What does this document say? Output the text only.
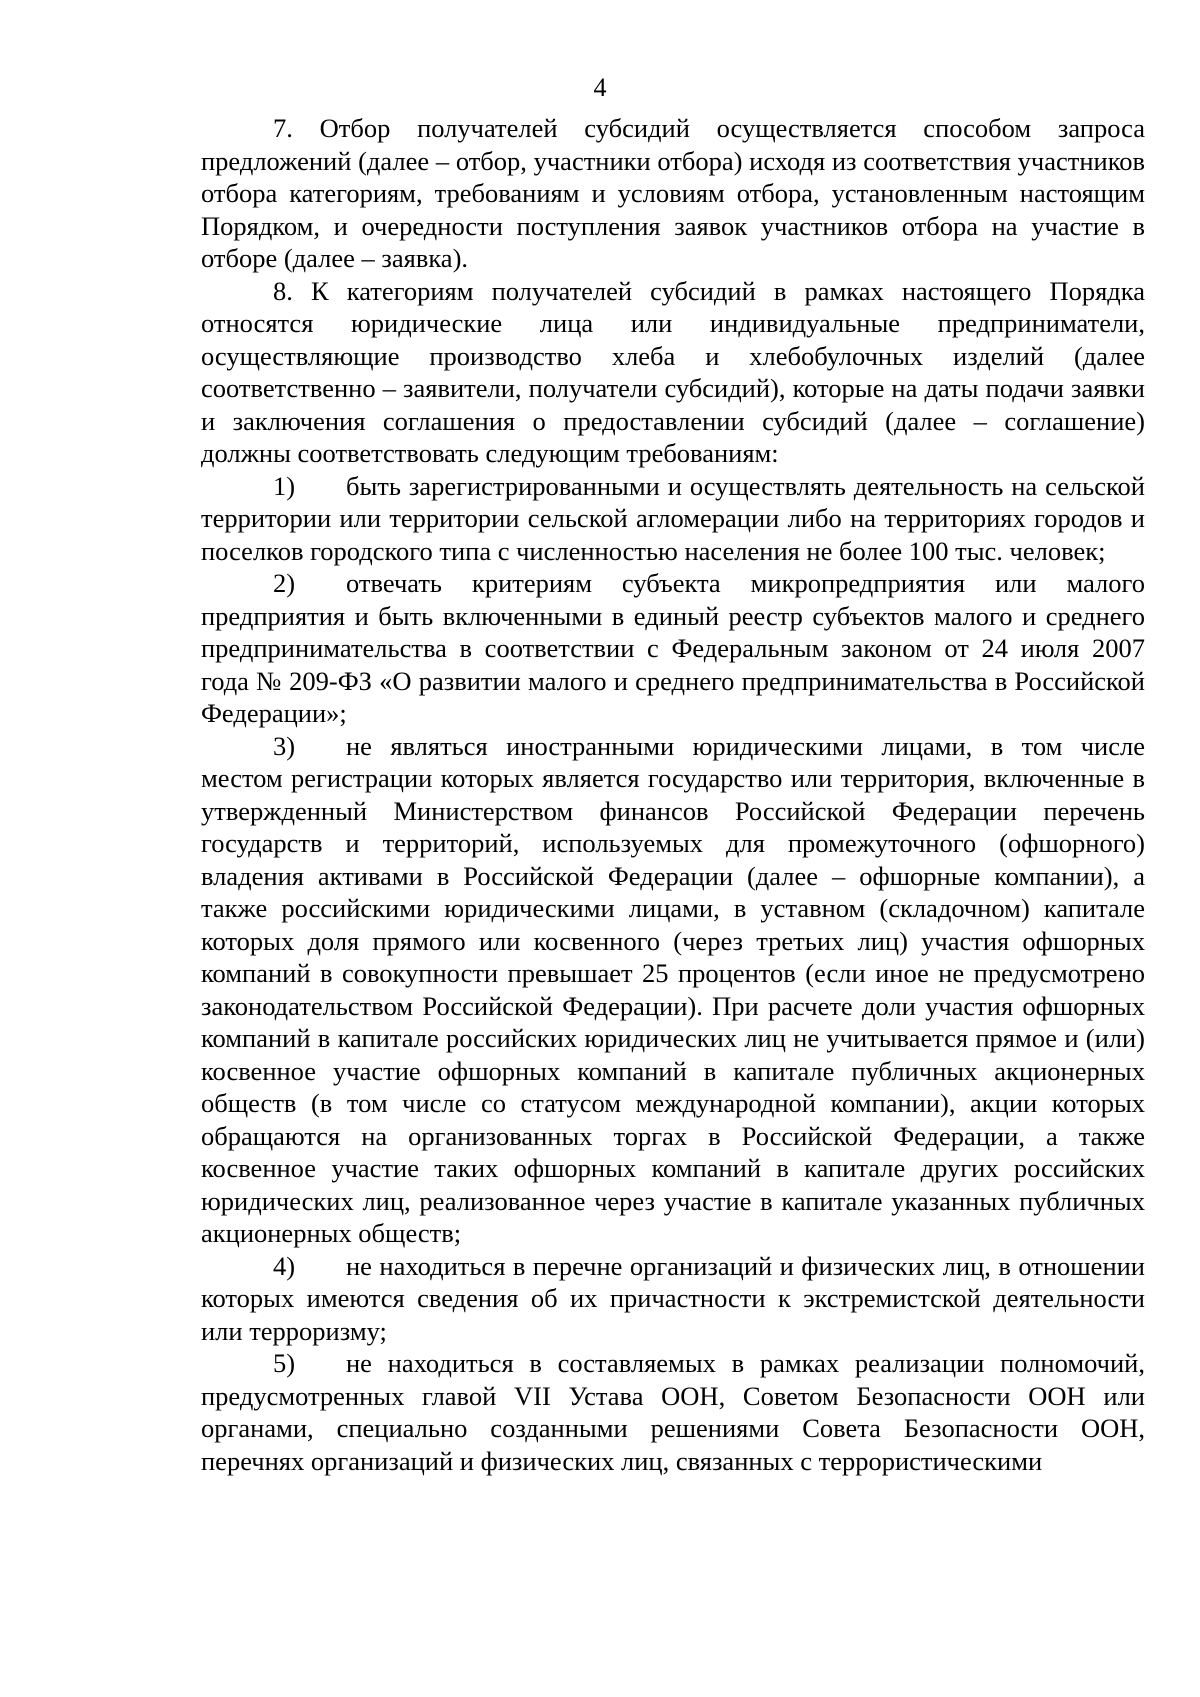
4

7. Отбор получателей субсидий осуществляется способом запроса предложений (далее – отбор, участники отбора) исходя из соответствия участников отбора категориям, требованиям и условиям отбора, установленным настоящим Порядком, и очередности поступления заявок участников отбора на участие в отборе (далее – заявка).

8. К категориям получателей субсидий в рамках настоящего Порядка относятся юридические лица или индивидуальные предприниматели, осуществляющие производство хлеба и хлебобулочных изделий (далее соответственно – заявители, получатели субсидий), которые на даты подачи заявки и заключения соглашения о предоставлении субсидий (далее – соглашение) должны соответствовать следующим требованиям:

1) быть зарегистрированными и осуществлять деятельность на сельской территории или территории сельской агломерации либо на территориях городов и поселков городского типа с численностью населения не более 100 тыс. человек;

2) отвечать критериям субъекта микропредприятия или малого предприятия и быть включенными в единый реестр субъектов малого и среднего предпринимательства в соответствии с Федеральным законом от 24 июля 2007 года № 209-ФЗ «О развитии малого и среднего предпринимательства в Российской Федерации»;

3) не являться иностранными юридическими лицами, в том числе местом регистрации которых является государство или территория, включенные в утвержденный Министерством финансов Российской Федерации перечень государств и территорий, используемых для промежуточного (офшорного) владения активами в Российской Федерации (далее – офшорные компании), а также российскими юридическими лицами, в уставном (складочном) капитале которых доля прямого или косвенного (через третьих лиц) участия офшорных компаний в совокупности превышает 25 процентов (если иное не предусмотрено законодательством Российской Федерации). При расчете доли участия офшорных компаний в капитале российских юридических лиц не учитывается прямое и (или) косвенное участие офшорных компаний в капитале публичных акционерных обществ (в том числе со статусом международной компании), акции которых обращаются на организованных торгах в Российской Федерации, а также косвенное участие таких офшорных компаний в капитале других российских юридических лиц, реализованное через участие в капитале указанных публичных акционерных обществ;

4) не находиться в перечне организаций и физических лиц, в отношении которых имеются сведения об их причастности к экстремистской деятельности или терроризму;

5) не находиться в составляемых в рамках реализации полномочий, предусмотренных главой VII Устава ООН, Советом Безопасности ООН или органами, специально созданными решениями Совета Безопасности ООН, перечнях организаций и физических лиц, связанных с террористическими
